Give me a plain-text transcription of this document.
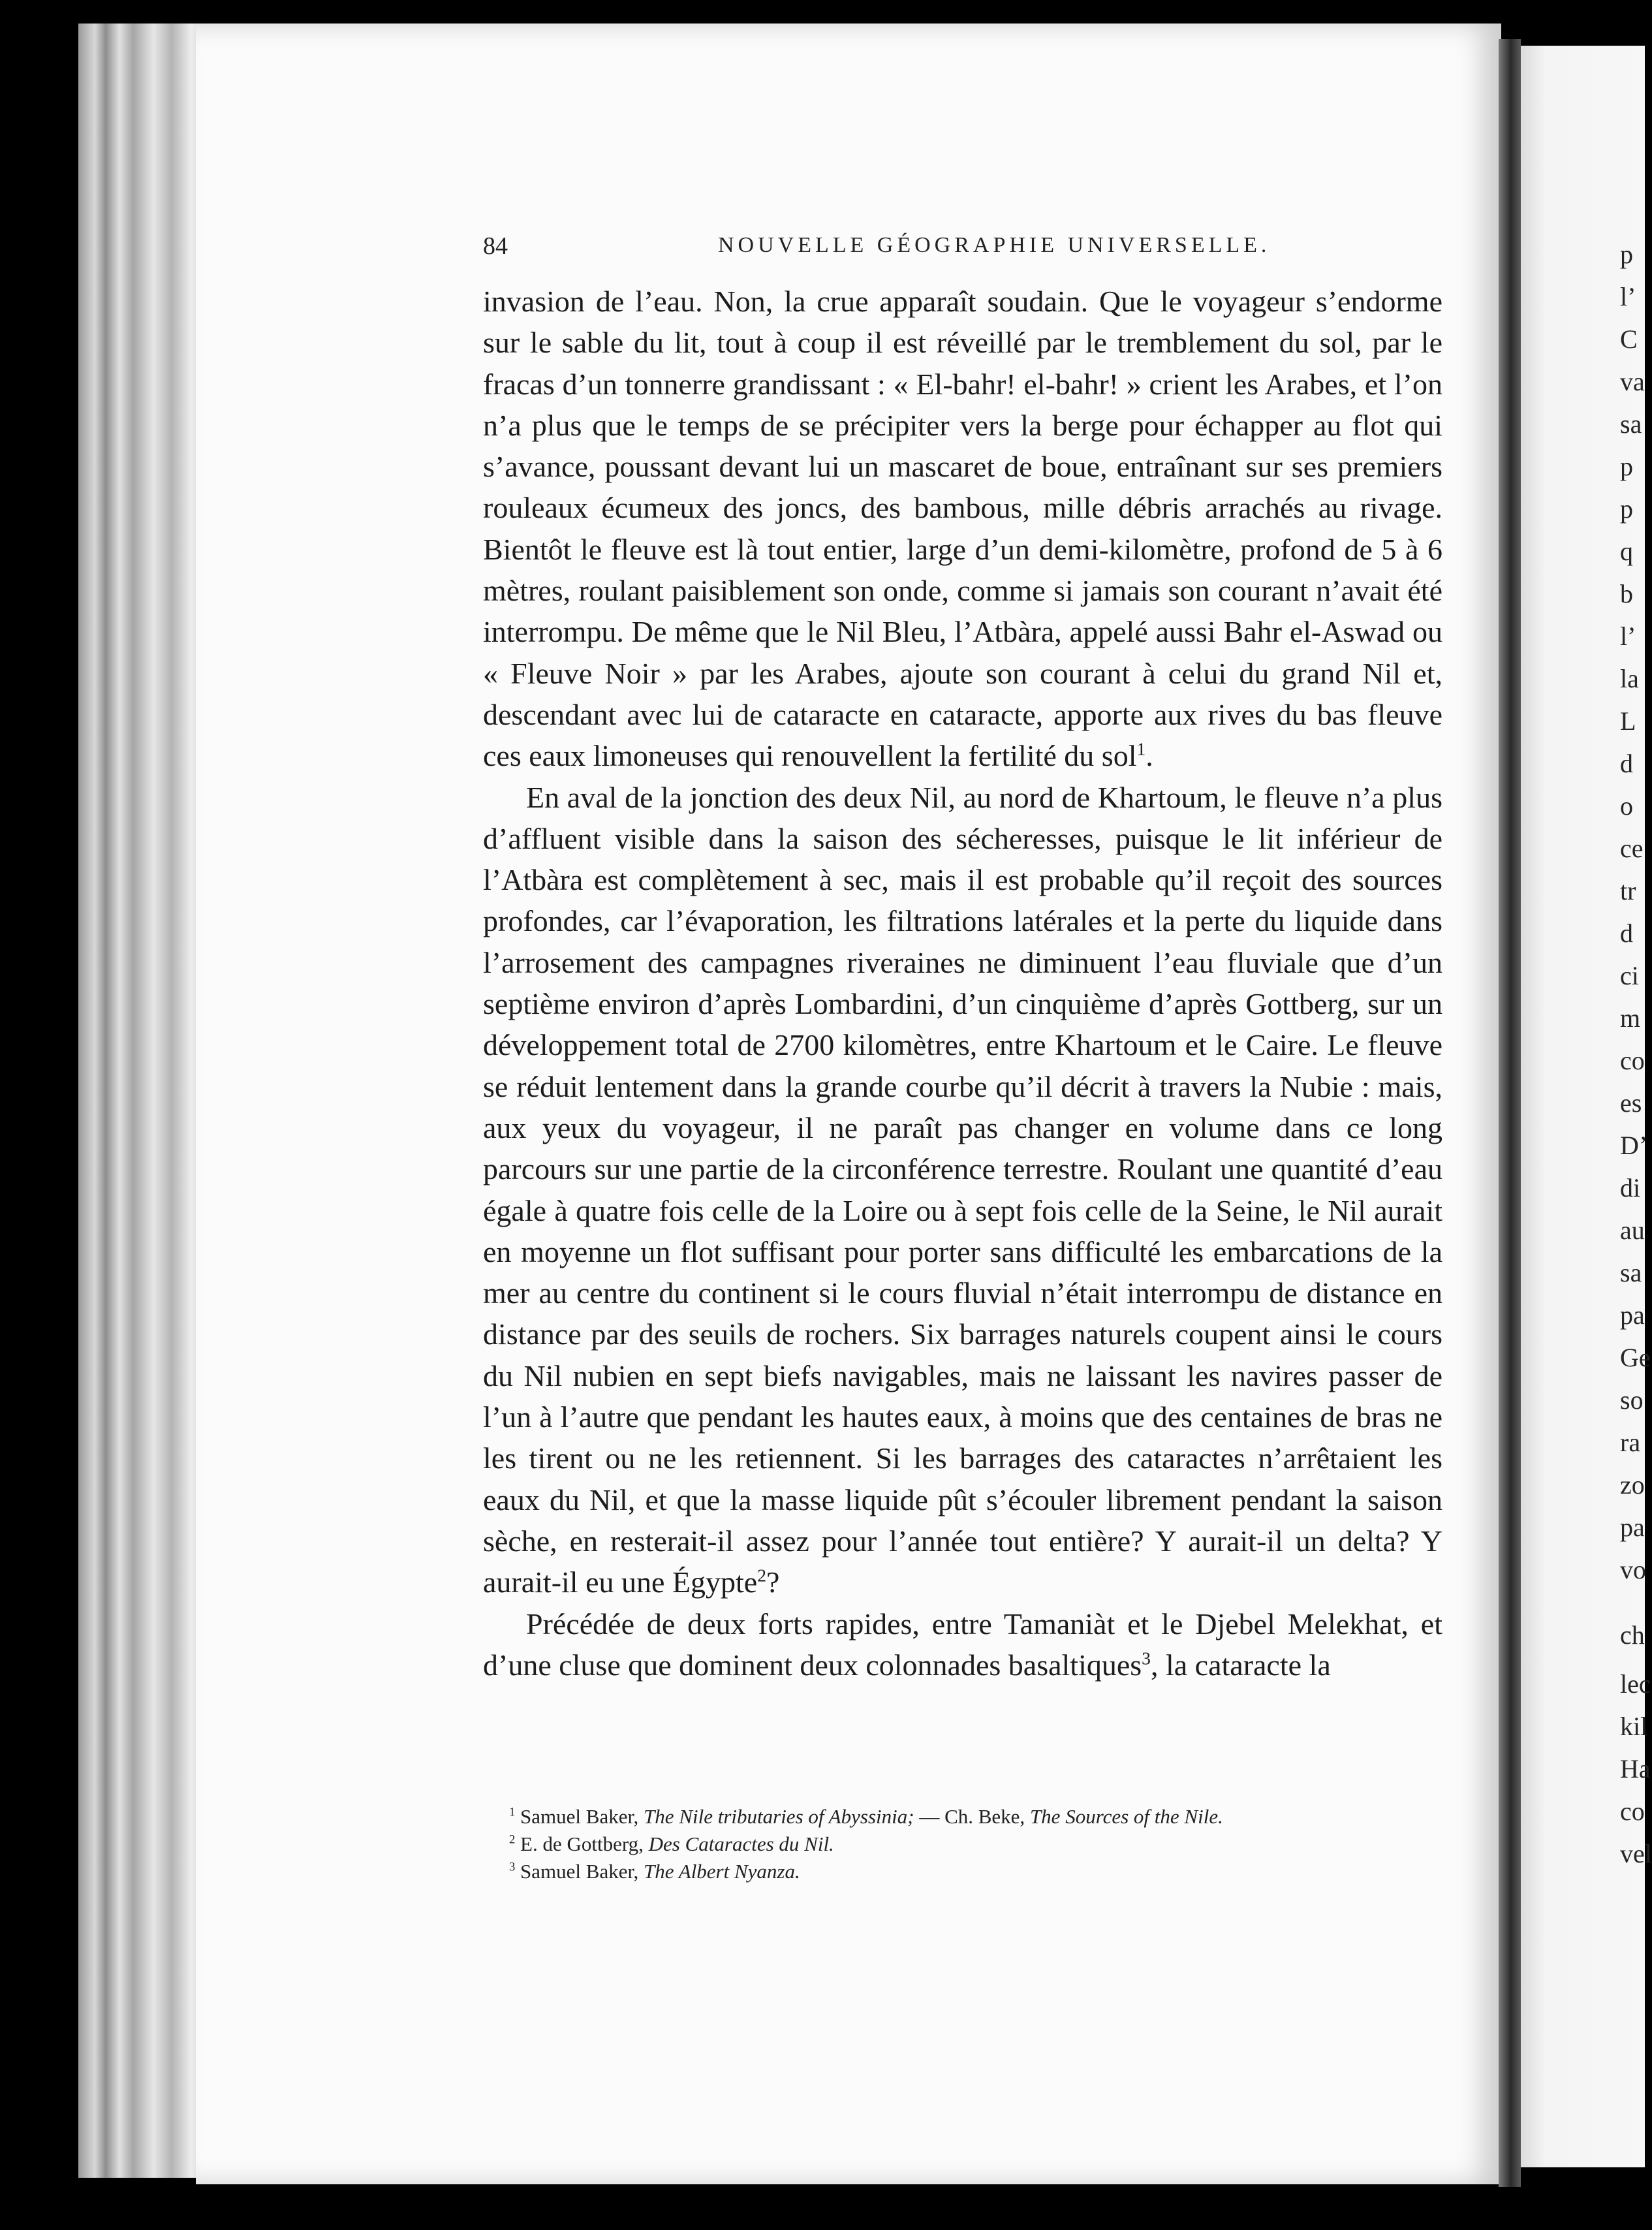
84	NOUVELLE GÉOGRAPHIE UNIVERSELLE.

invasion de l’eau. Non, la crue apparaît soudain. Que le voyageur s’endorme sur le sable du lit, tout à coup il est réveillé par le tremblement du sol, par le fracas d’un tonnerre grandissant : « El-bahr! el-bahr! » crient les Arabes, et l’on n’a plus que le temps de se précipiter vers la berge pour échapper au flot qui s’avance, poussant devant lui un mascaret de boue, entraînant sur ses premiers rouleaux écumeux des joncs, des bambous, mille débris arrachés au rivage. Bientôt le fleuve est là tout entier, large d’un demi-kilomètre, profond de 5 à 6 mètres, roulant paisiblement son onde, comme si jamais son courant n’avait été interrompu. De même que le Nil Bleu, l’Atbàra, appelé aussi Bahr el-Aswad ou « Fleuve Noir » par les Arabes, ajoute son courant à celui du grand Nil et, descendant avec lui de cataracte en cataracte, apporte aux rives du bas fleuve ces eaux limoneuses qui renouvellent la fertilité du sol$^1$.

En aval de la jonction des deux Nil, au nord de Khartoum, le fleuve n’a plus d’affluent visible dans la saison des sécheresses, puisque le lit inférieur de l’Atbàra est complètement à sec, mais il est probable qu’il reçoit des sources profondes, car l’évaporation, les filtrations latérales et la perte du liquide dans l’arrosement des campagnes riveraines ne diminuent l’eau fluviale que d’un septième environ d’après Lombardini, d’un cinquième d’après Gottberg, sur un développement total de 2700 kilomètres, entre Khartoum et le Caire. Le fleuve se réduit lentement dans la grande courbe qu’il décrit à travers la Nubie : mais, aux yeux du voyageur, il ne paraît pas changer en volume dans ce long parcours sur une partie de la circonférence terrestre. Roulant une quantité d’eau égale à quatre fois celle de la Loire ou à sept fois celle de la Seine, le Nil aurait en moyenne un flot suffisant pour porter sans difficulté les embarcations de la mer au centre du continent si le cours fluvial n’était interrompu de distance en distance par des seuils de rochers. Six barrages naturels coupent ainsi le cours du Nil nubien en sept biefs navigables, mais ne laissant les navires passer de l’un à l’autre que pendant les hautes eaux, à moins que des centaines de bras ne les tirent ou ne les retiennent. Si les barrages des cataractes n’arrêtaient les eaux du Nil, et que la masse liquide pût s’écouler librement pendant la saison sèche, en resterait-il assez pour l’année tout entière? Y aurait-il un delta? Y aurait-il eu une Égypte$^2$?

Précédée de deux forts rapides, entre Tamaniàt et le Djebel Melekhat, et d’une cluse que dominent deux colonnades basaltiques$^3$, la cataracte la

$^1$ Samuel Baker, The Nile tributaries of Abyssinia; — Ch. Beke, The Sources of the Nile.

$^2$ E. de Gottberg, Des Cataractes du Nil.

$^3$ Samuel Baker, The Albert Nyanza.

p
l’
C
va
sa
p
p
q
b
l’
la
L
d
o
ce
tr
d
ci
m
co
es
D’
di
au
sa
pa
Ge
so
ra
zo
pa
vo
ch
lec
kil
Ha
co
vel
